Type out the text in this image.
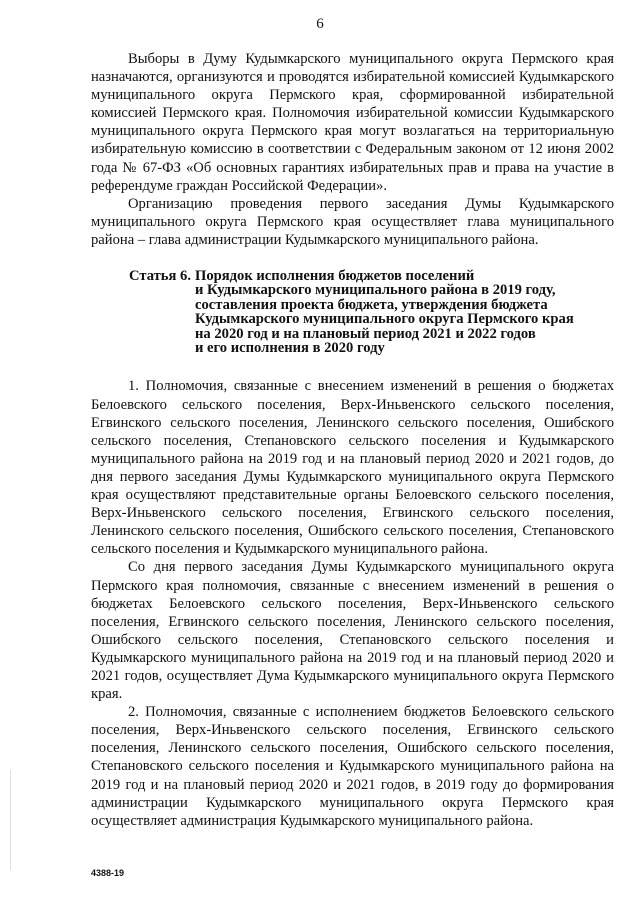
6

Выборы в Думу Кудымкарского муниципального округа Пермского края назначаются, организуются и проводятся избирательной комиссией Кудымкарского муниципального округа Пермского края, сформированной избирательной комиссией Пермского края. Полномочия избирательной комиссии Кудымкарского муниципального округа Пермского края могут возлагаться на территориальную избирательную комиссию в соответствии с Федеральным законом от 12 июня 2002 года № 67-ФЗ «Об основных гарантиях избирательных прав и права на участие в референдуме граждан Российской Федерации».

Организацию проведения первого заседания Думы Кудымкарского муниципального округа Пермского края осуществляет глава муниципального района – глава администрации Кудымкарского муниципального района.

Статья 6. Порядок исполнения бюджетов поселений
и Кудымкарского муниципального района в 2019 году,
составления проекта бюджета, утверждения бюджета
Кудымкарского муниципального округа Пермского края
на 2020 год и на плановый период 2021 и 2022 годов
и его исполнения в 2020 году

1. Полномочия, связанные с внесением изменений в решения о бюджетах Белоевского сельского поселения, Верх-Иньвенского сельского поселения, Егвинского сельского поселения, Ленинского сельского поселения, Ошибского сельского поселения, Степановского сельского поселения и Кудымкарского муниципального района на 2019 год и на плановый период 2020 и 2021 годов, до дня первого заседания Думы Кудымкарского муниципального округа Пермского края осуществляют представительные органы Белоевского сельского поселения, Верх-Иньвенского сельского поселения, Егвинского сельского поселения, Ленинского сельского поселения, Ошибского сельского поселения, Степановского сельского поселения и Кудымкарского муниципального района.

Со дня первого заседания Думы Кудымкарского муниципального округа Пермского края полномочия, связанные с внесением изменений в решения о бюджетах Белоевского сельского поселения, Верх-Иньвенского сельского поселения, Егвинского сельского поселения, Ленинского сельского поселения, Ошибского сельского поселения, Степановского сельского поселения и Кудымкарского муниципального района на 2019 год и на плановый период 2020 и 2021 годов, осуществляет Дума Кудымкарского муниципального округа Пермского края.

2. Полномочия, связанные с исполнением бюджетов Белоевского сельского поселения, Верх-Иньвенского сельского поселения, Егвинского сельского поселения, Ленинского сельского поселения, Ошибского сельского поселения, Степановского сельского поселения и Кудымкарского муниципального района на 2019 год и на плановый период 2020 и 2021 годов, в 2019 году до формирования администрации Кудымкарского муниципального округа Пермского края осуществляет администрация Кудымкарского муниципального района.

4388-19
